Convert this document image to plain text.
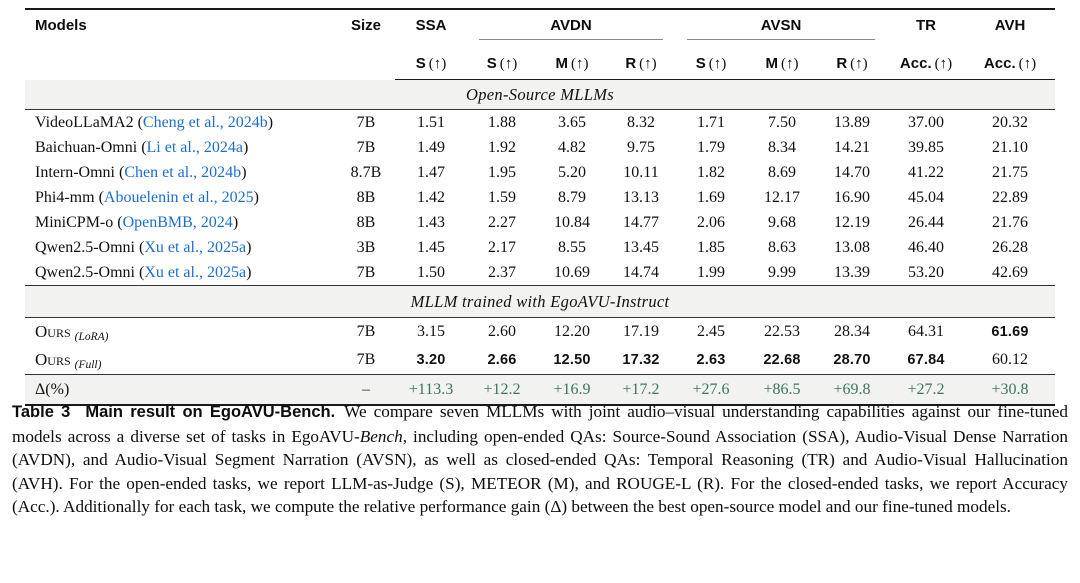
Models	Size	SSA	AVDN			AVSN			TR	AVH

		S (↑)	S (↑)	M (↑)	R (↑)	S (↑)	M (↑)	R (↑)	Acc. (↑)	Acc. (↑)
Open-Source MLLMs										
VideoLLaMA2 (Cheng et al., 2024b)	7B	1.51	1.88	3.65	8.32	1.71	7.50	13.89	37.00	20.32
Baichuan-Omni (Li et al., 2024a)	7B	1.49	1.92	4.82	9.75	1.79	8.34	14.21	39.85	21.10
Intern-Omni (Chen et al., 2024b)	8.7B	1.47	1.95	5.20	10.11	1.82	8.69	14.70	41.22	21.75
Phi4-mm (Abouelenin et al., 2025)	8B	1.42	1.59	8.79	13.13	1.69	12.17	16.90	45.04	22.89
MiniCPM-o (OpenBMB, 2024)	8B	1.43	2.27	10.84	14.77	2.06	9.68	12.19	26.44	21.76
Qwen2.5-Omni (Xu et al., 2025a)	3B	1.45	2.17	8.55	13.45	1.85	8.63	13.08	46.40	26.28
Qwen2.5-Omni (Xu et al., 2025a)	7B	1.50	2.37	10.69	14.74	1.99	9.99	13.39	53.20	42.69
MLLM trained with EgoAVU-Instruct										
Ours (LoRA)	7B	3.15	2.60	12.20	17.19	2.45	22.53	28.34	64.31	61.69
Ours (Full)	7B	3.20	2.66	12.50	17.32	2.63	22.68	28.70	67.84	60.12
Δ(%)	–	+113.3	+12.2	+16.9	+17.2	+27.6	+86.5	+69.8	+27.2	+30.8
Table 3 Main result on EgoAVU-Bench. We compare seven MLLMs with joint audio–visual understanding capabilities against our fine-tuned models across a diverse set of tasks in EgoAVU-Bench, including open-ended QAs: Source-Sound Association (SSA), Audio-Visual Dense Narration (AVDN), and Audio-Visual Segment Narration (AVSN), as well as closed-ended QAs: Temporal Reasoning (TR) and Audio-Visual Hallucination (AVH). For the open-ended tasks, we report LLM-as-Judge (S), METEOR (M), and ROUGE-L (R). For the closed-ended tasks, we report Accuracy (Acc.). Additionally for each task, we compute the relative performance gain (Δ) between the best open-source model and our fine-tuned models.
